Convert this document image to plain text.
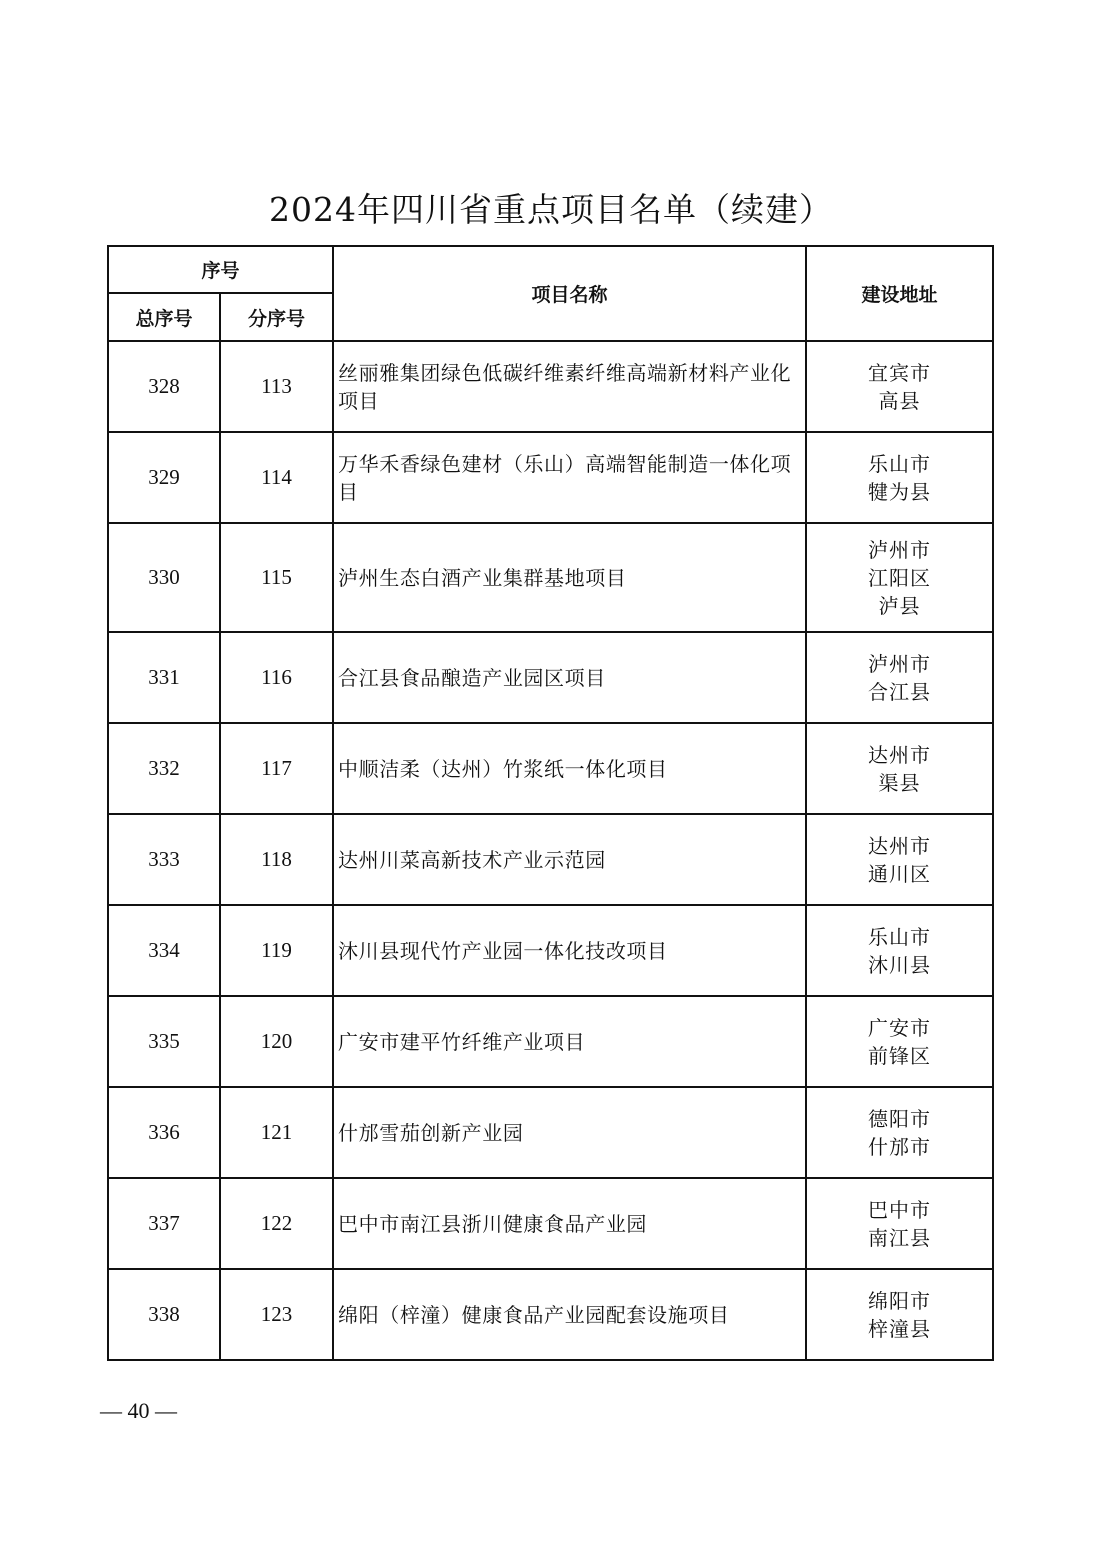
2024年四川省重点项目名单（续建）
序号		项目名称	建设地址
总序号	分序号		
328	113	丝丽雅集团绿色低碳纤维素纤维高端新材料产业化项目	宜宾市
高县

329	114	万华禾香绿色建材（乐山）高端智能制造一体化项目	乐山市
犍为县

330	115	泸州生态白酒产业集群基地项目	泸州市
江阳区
泸县

331	116	合江县食品酿造产业园区项目	泸州市
合江县

332	117	中顺洁柔（达州）竹浆纸一体化项目	达州市
渠县

333	118	达州川菜高新技术产业示范园	达州市
通川区

334	119	沐川县现代竹产业园一体化技改项目	乐山市
沐川县

335	120	广安市建平竹纤维产业项目	广安市
前锋区

336	121	什邡雪茄创新产业园	德阳市
什邡市

337	122	巴中市南江县浙川健康食品产业园	巴中市
南江县

338	123	绵阳（梓潼）健康食品产业园配套设施项目	绵阳市
梓潼县
— 40 —
